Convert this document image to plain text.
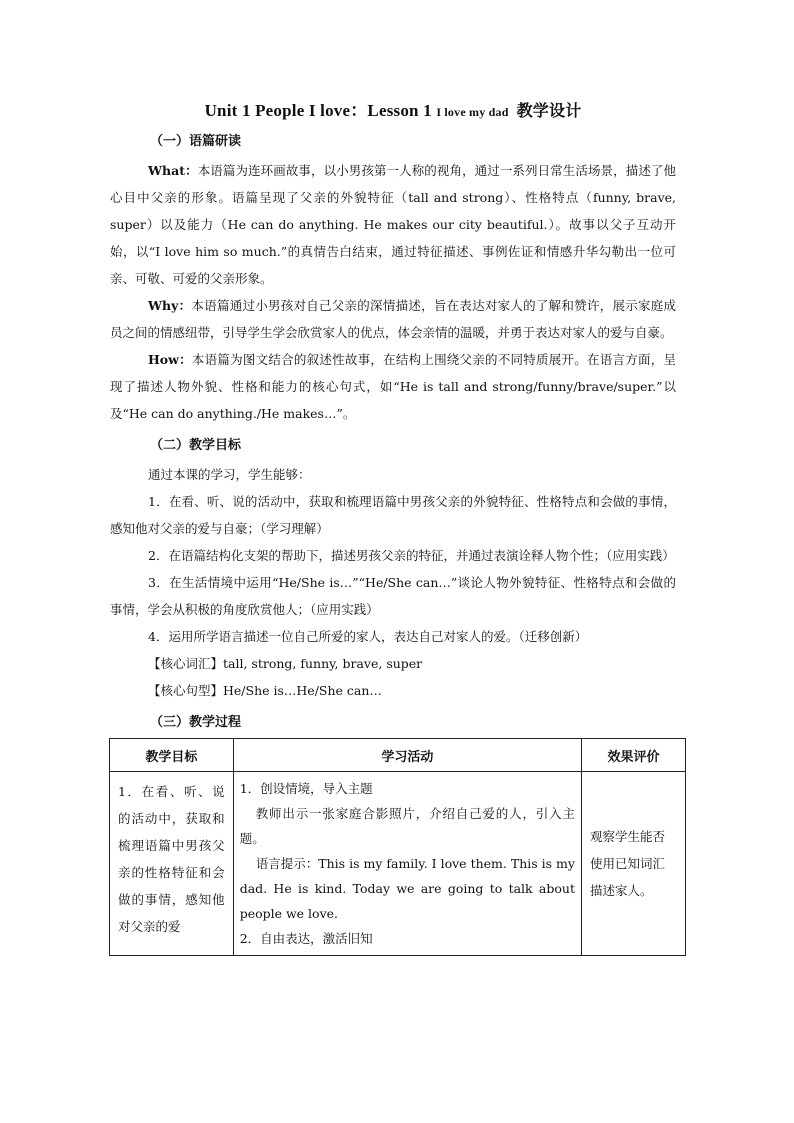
Unit 1 People I love：Lesson 1 I love my dad 教学设计
（一）语篇研读

What：本语篇为连环画故事，以小男孩第一人称的视角，通过一系列日常生活场景，描述了他心目中父亲的形象。语篇呈现了父亲的外貌特征（tall and strong）、性格特点（funny, brave, super）以及能力（He can do anything. He makes our city beautiful.）。故事以父子互动开始，以“I love him so much.”的真情告白结束，通过特征描述、事例佐证和情感升华勾勒出一位可亲、可敬、可爱的父亲形象。

Why：本语篇通过小男孩对自己父亲的深情描述，旨在表达对家人的了解和赞许，展示家庭成员之间的情感纽带，引导学生学会欣赏家人的优点，体会亲情的温暖，并勇于表达对家人的爱与自豪。

How：本语篇为图文结合的叙述性故事，在结构上围绕父亲的不同特质展开。在语言方面，呈现了描述人物外貌、性格和能力的核心句式，如“He is tall and strong/funny/brave/super.”以及“He can do anything./He makes…”。

（二）教学目标

通过本课的学习，学生能够：

1．在看、听、说的活动中，获取和梳理语篇中男孩父亲的外貌特征、性格特点和会做的事情，感知他对父亲的爱与自豪；（学习理解）

2．在语篇结构化支架的帮助下，描述男孩父亲的特征，并通过表演诠释人物个性；（应用实践）

3．在生活情境中运用“He/She is…”“He/She can…”谈论人物外貌特征、性格特点和会做的事情，学会从积极的角度欣赏他人；（应用实践）

4．运用所学语言描述一位自己所爱的家人，表达自己对家人的爱。（迁移创新）

【核心词汇】tall, strong, funny, brave, super

【核心句型】He/She is…He/She can…

（三）教学过程
教学目标	学习活动	效果评价
1．在看、听、说的活动中，获取和梳理语篇中男孩父亲的性格特征和会做的事情，感知他对父亲的爱	1．创设情境，导入主题

教师出示一张家庭合影照片，介绍自己爱的人，引入主题。

语言提示：This is my family. I love them. This is my dad. He is kind. Today we are going to talk about people we love.

2．自由表达，激活旧知	观察学生能否使用已知词汇描述家人。
